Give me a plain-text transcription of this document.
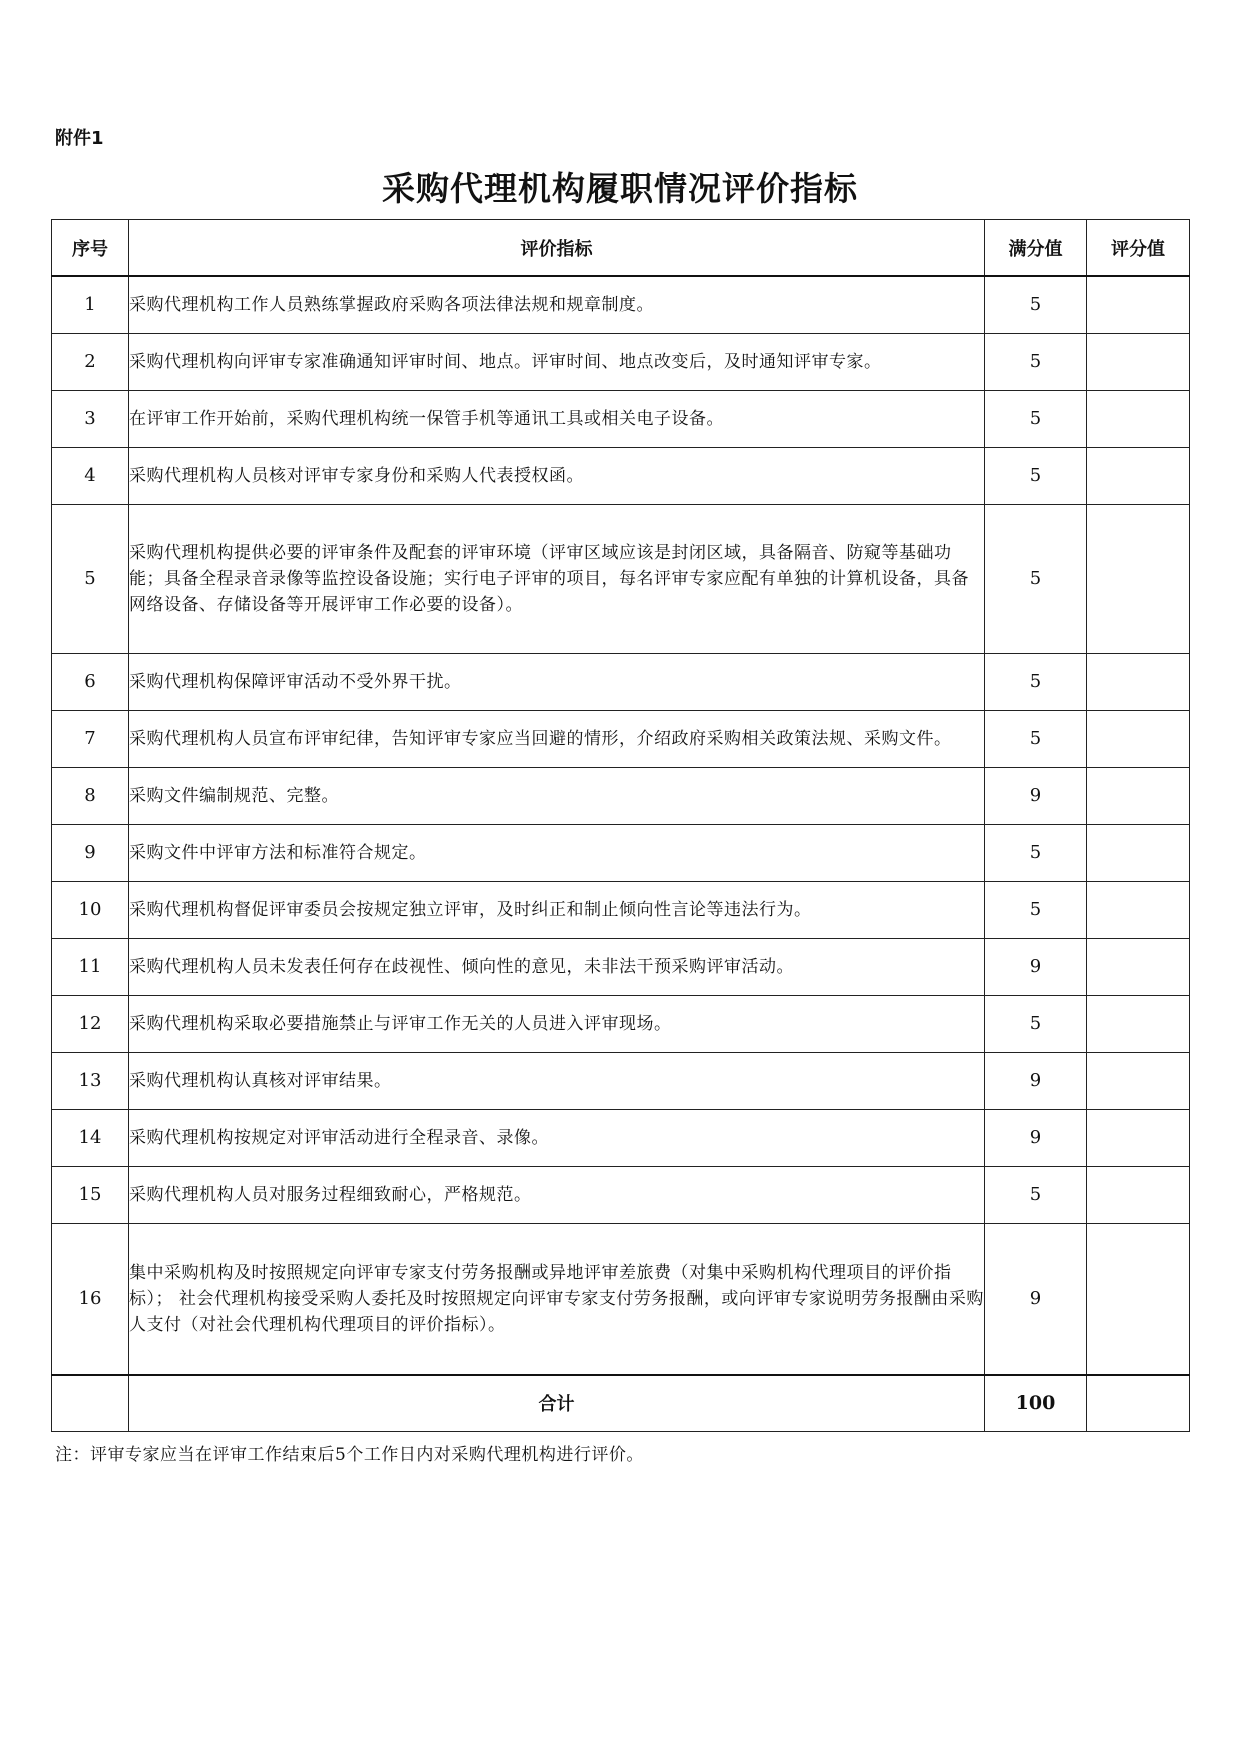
附件1
采购代理机构履职情况评价指标
序号	评价指标	满分值	评分值
1	采购代理机构工作人员熟练掌握政府采购各项法律法规和规章制度。	5	
2	采购代理机构向评审专家准确通知评审时间、地点。评审时间、地点改变后，及时通知评审专家。	5	
3	在评审工作开始前，采购代理机构统一保管手机等通讯工具或相关电子设备。	5	
4	采购代理机构人员核对评审专家身份和采购人代表授权函。	5	
5	采购代理机构提供必要的评审条件及配套的评审环境（评审区域应该是封闭区域，具备隔音、防窥等基础功能；具备全程录音录像等监控设备设施；实行电子评审的项目，每名评审专家应配有单独的计算机设备，具备网络设备、存储设备等开展评审工作必要的设备）。	5	
6	采购代理机构保障评审活动不受外界干扰。	5	
7	采购代理机构人员宣布评审纪律，告知评审专家应当回避的情形，介绍政府采购相关政策法规、采购文件。	5	
8	采购文件编制规范、完整。	9	
9	采购文件中评审方法和标准符合规定。	5	
10	采购代理机构督促评审委员会按规定独立评审，及时纠正和制止倾向性言论等违法行为。	5	
11	采购代理机构人员未发表任何存在歧视性、倾向性的意见，未非法干预采购评审活动。	9	
12	采购代理机构采取必要措施禁止与评审工作无关的人员进入评审现场。	5	
13	采购代理机构认真核对评审结果。	9	
14	采购代理机构按规定对评审活动进行全程录音、录像。	9	
15	采购代理机构人员对服务过程细致耐心，严格规范。	5	
16	集中采购机构及时按照规定向评审专家支付劳务报酬或异地评审差旅费（对集中采购机构代理项目的评价指标）； 社会代理机构接受采购人委托及时按照规定向评审专家支付劳务报酬，或向评审专家说明劳务报酬由采购人支付（对社会代理机构代理项目的评价指标）。	9	
	合计	100	
注：评审专家应当在评审工作结束后5个工作日内对采购代理机构进行评价。
